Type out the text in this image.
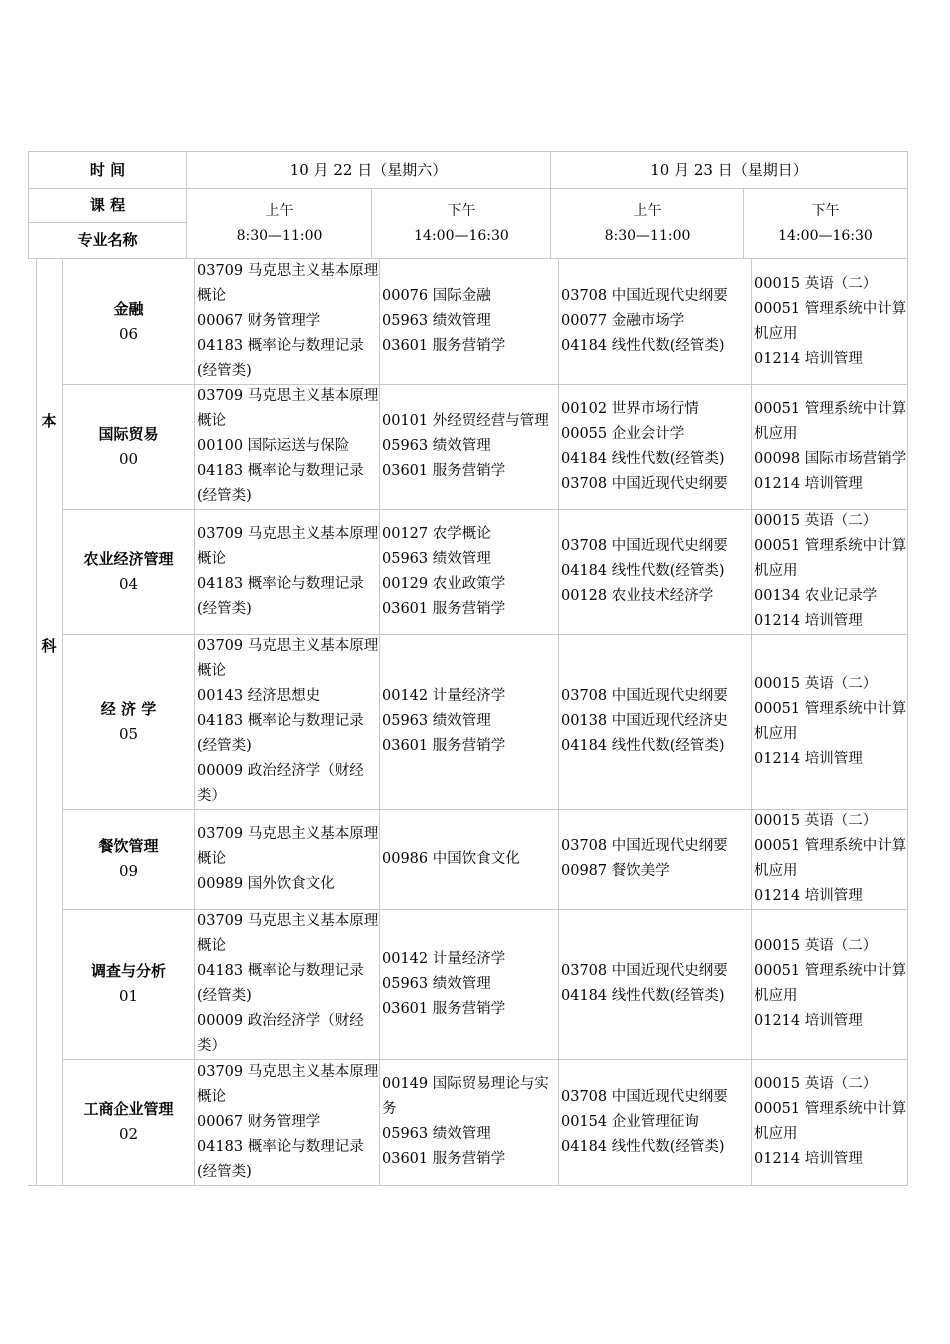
时 间
课 程
专业名称
10 月 22 日（星期六）	10 月 23 日（星期日）
上午
8:30—11:00
下午
14:00—16:30
上午
8:30—11:00
下午
14:00—16:30
本
科
金融
06
03709 马克思主义基本原理概论
00067 财务管理学
04183 概率论与数理记录(经管类)
00076 国际金融
05963 绩效管理
03601 服务营销学
03708 中国近现代史纲要
00077 金融市场学
04184 线性代数(经管类)
00015 英语（二）
00051 管理系统中计算机应用
01214 培训管理
国际贸易
00
03709 马克思主义基本原理概论
00100 国际运送与保险
04183 概率论与数理记录(经管类)
00101 外经贸经营与管理
05963 绩效管理
03601 服务营销学
00102 世界市场行情
00055 企业会计学
04184 线性代数(经管类)
03708 中国近现代史纲要
00051 管理系统中计算机应用
00098 国际市场营销学
01214 培训管理
农业经济管理
04
03709 马克思主义基本原理概论
04183 概率论与数理记录(经管类)
00127 农学概论
05963 绩效管理
00129 农业政策学
03601 服务营销学
03708 中国近现代史纲要
04184 线性代数(经管类)
00128 农业技术经济学
00015 英语（二）
00051 管理系统中计算机应用
00134 农业记录学
01214 培训管理
经 济 学
05
03709 马克思主义基本原理概论
00143 经济思想史
04183 概率论与数理记录(经管类)
00009 政治经济学（财经类）
00142 计量经济学
05963 绩效管理
03601 服务营销学
03708 中国近现代史纲要
00138 中国近现代经济史
04184 线性代数(经管类)
00015 英语（二）
00051 管理系统中计算机应用
01214 培训管理
餐饮管理
09
03709 马克思主义基本原理概论
00989 国外饮食文化
00986 中国饮食文化
03708 中国近现代史纲要
00987 餐饮美学
00015 英语（二）
00051 管理系统中计算机应用
01214 培训管理
调查与分析
01
03709 马克思主义基本原理概论
04183 概率论与数理记录(经管类)
00009 政治经济学（财经类）
00142 计量经济学
05963 绩效管理
03601 服务营销学
03708 中国近现代史纲要
04184 线性代数(经管类)
00015 英语（二）
00051 管理系统中计算机应用
01214 培训管理
工商企业管理
02
03709 马克思主义基本原理概论
00067 财务管理学
04183 概率论与数理记录(经管类)
00149 国际贸易理论与实务
05963 绩效管理
03601 服务营销学
03708 中国近现代史纲要
00154 企业管理征询
04184 线性代数(经管类)
00015 英语（二）
00051 管理系统中计算机应用
01214 培训管理
